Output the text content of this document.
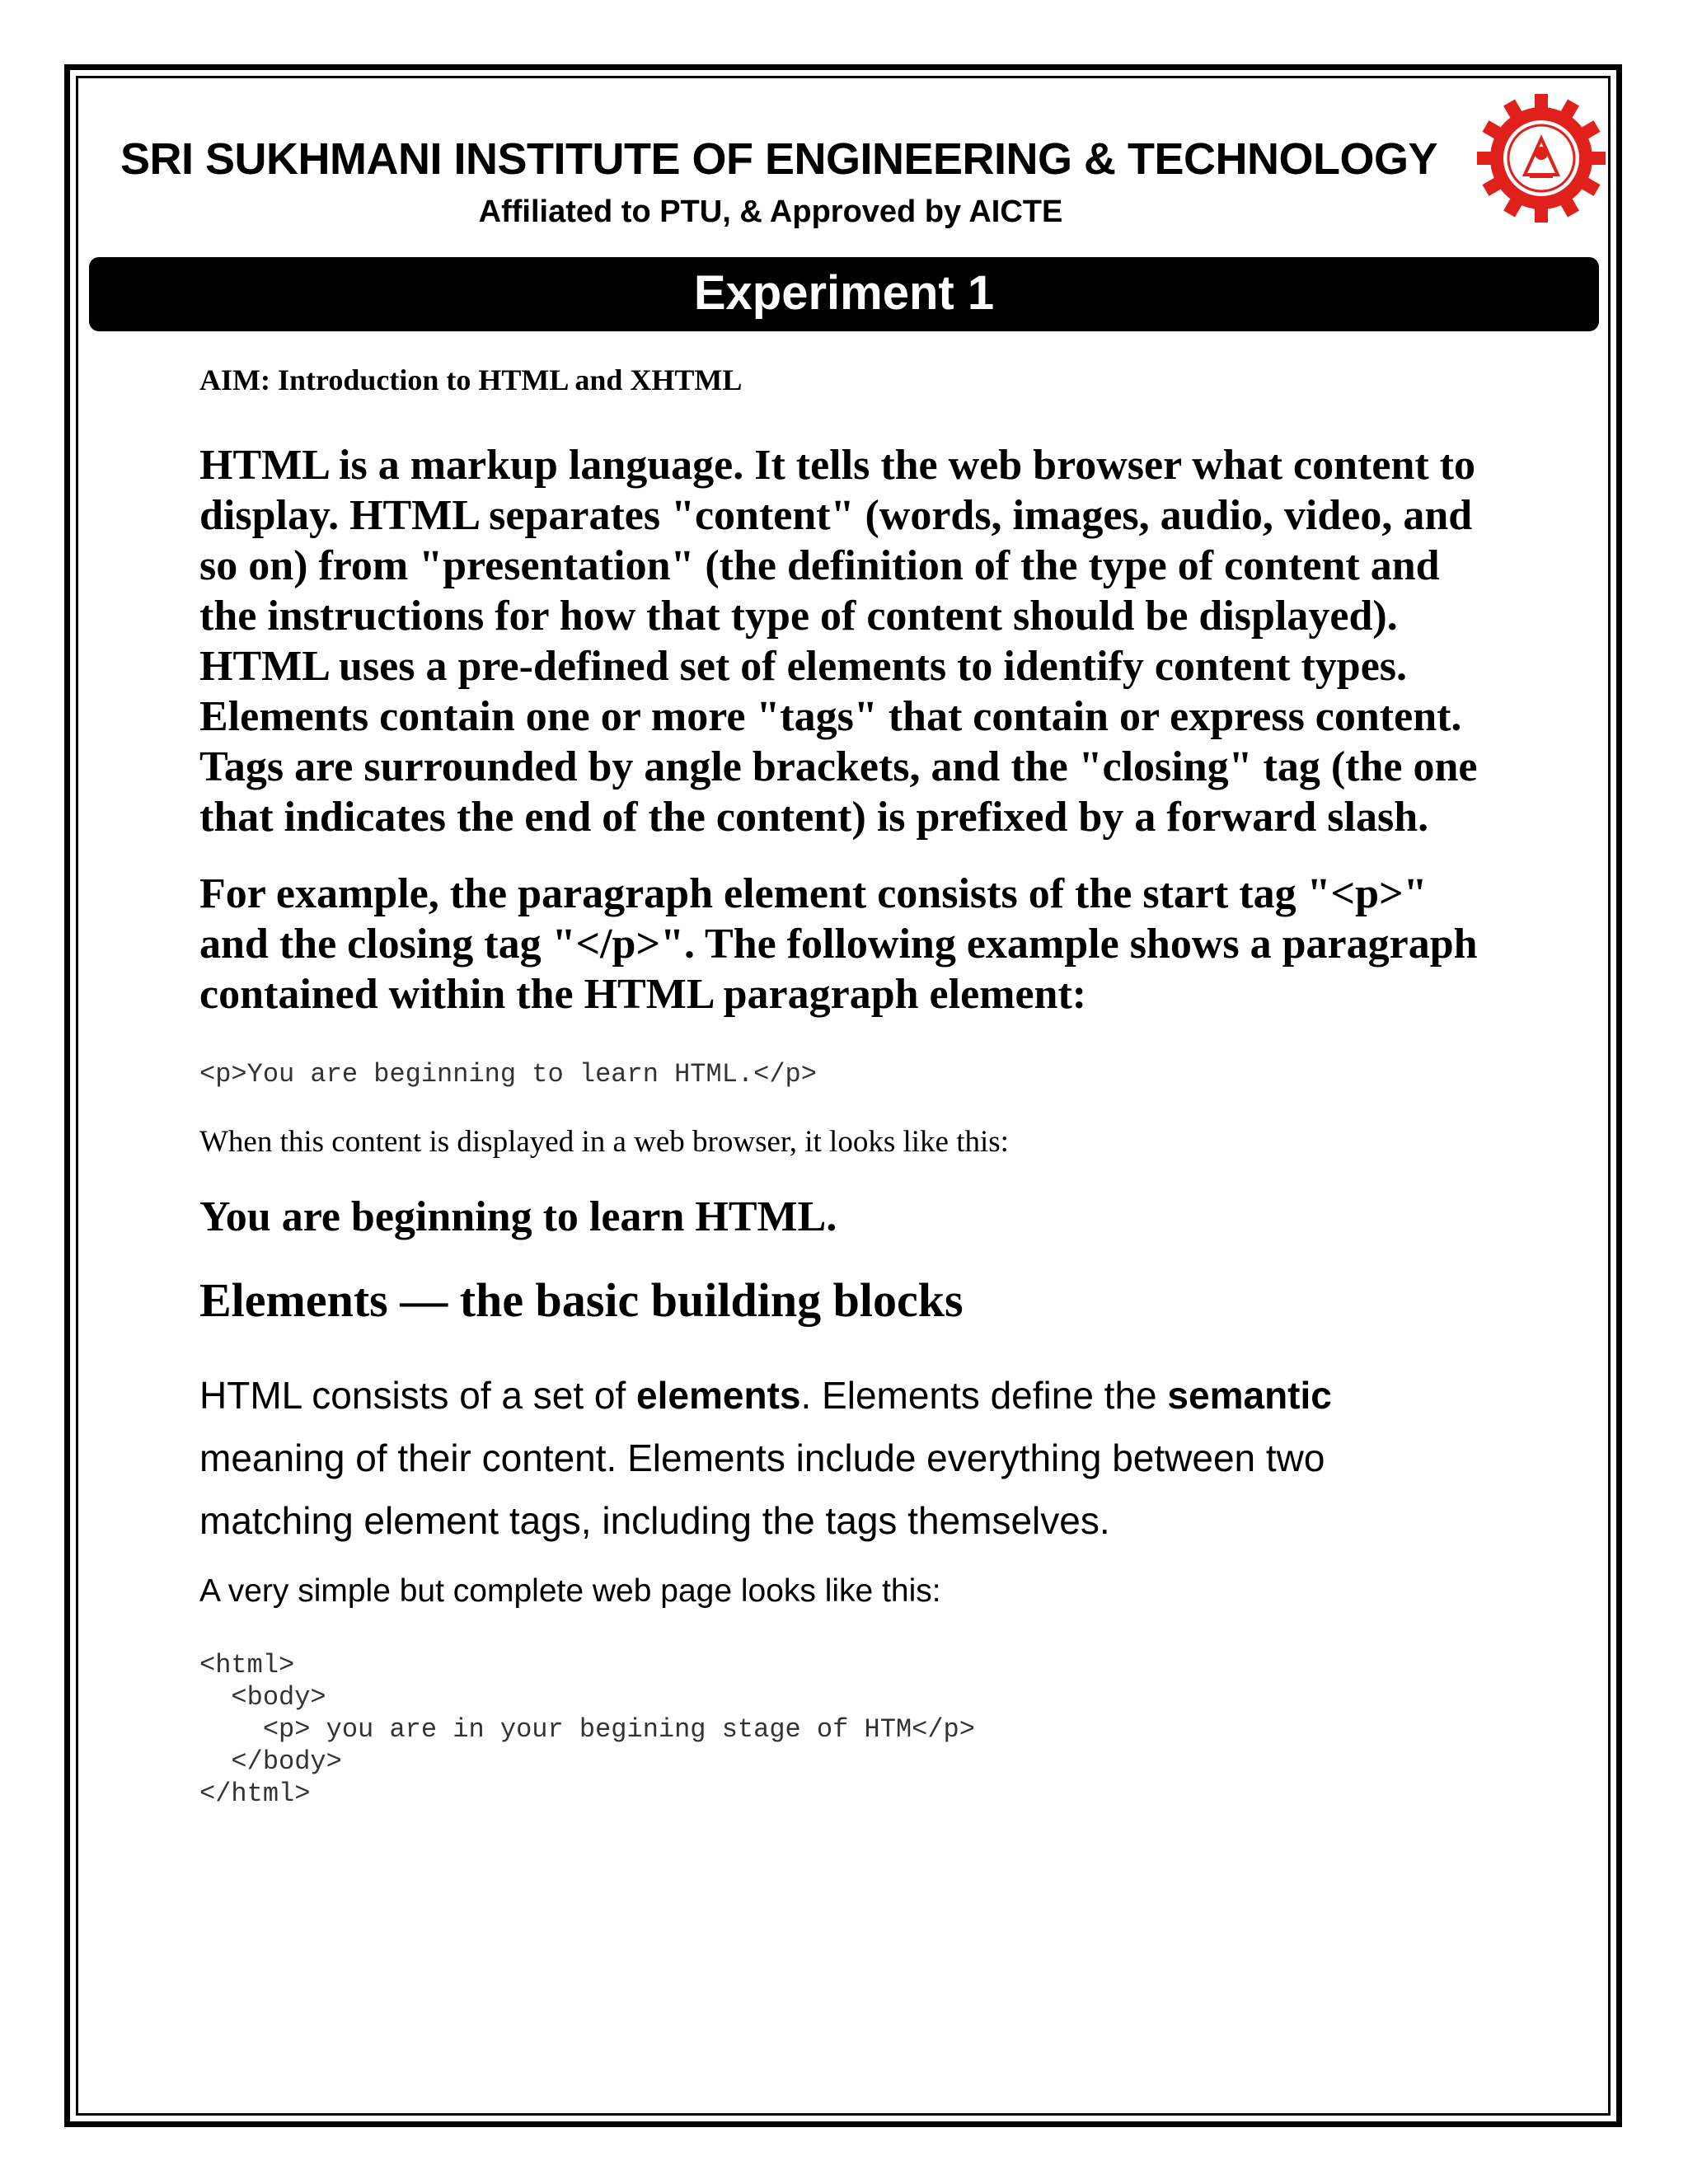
SRI SUKHMANI INSTITUTE OF ENGINEERING & TECHNOLOGY
Affiliated to PTU, & Approved by AICTE
Experiment 1

AIM: Introduction to HTML and XHTML

HTML is a markup language. It tells the web browser what content to display. HTML separates "content" (words, images, audio, video, and so on) from "presentation" (the definition of the type of content and the instructions for how that type of content should be displayed). HTML uses a pre-defined set of elements to identify content types. Elements contain one or more "tags" that contain or express content. Tags are surrounded by angle brackets, and the "closing" tag (the one that indicates the end of the content) is prefixed by a forward slash.

For example, the paragraph element consists of the start tag "<p>" and the closing tag "</p>". The following example shows a paragraph contained within the HTML paragraph element:

<p>You are beginning to learn HTML.</p>

When this content is displayed in a web browser, it looks like this:

You are beginning to learn HTML.

Elements — the basic building blocks

HTML consists of a set of elements. Elements define the semantic meaning of their content. Elements include everything between two matching element tags, including the tags themselves.

A very simple but complete web page looks like this:

<html>
<body>
<p> you are in your begining stage of HTM</p>
</body>
</html>
